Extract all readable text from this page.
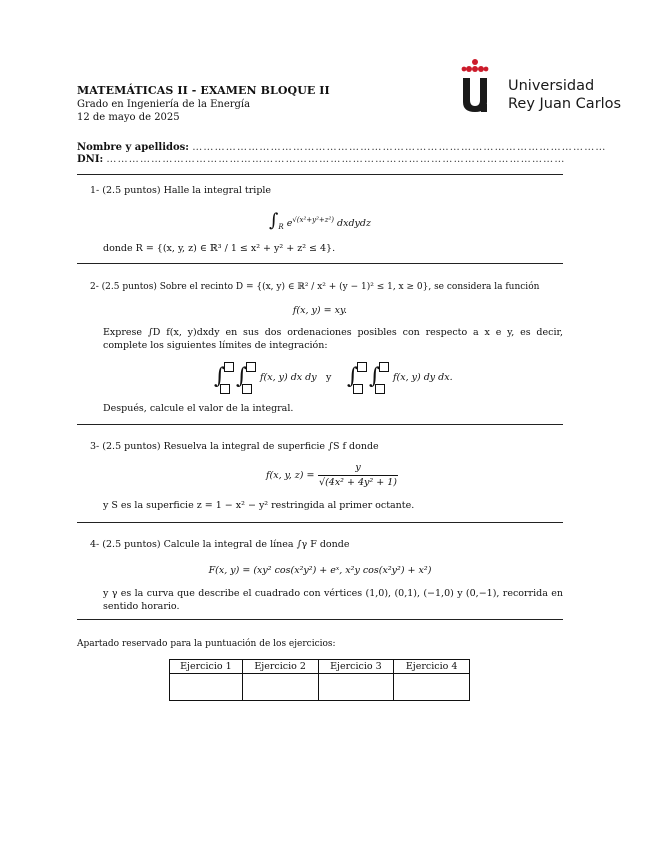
MATEMÁTICAS II - EXAMEN BLOQUE II
Grado en Ingeniería de la Energía
12 de mayo de 2025
Universidad
Rey Juan Carlos
Nombre y apellidos: …………………………………………………………………………………………………
DNI: ……………………………………………………………………………………………………………
1- (2.5 puntos) Halle la integral triple
$\int_R$ $e^{√(x^2+y^2+z^2)}$ dxdydz
donde R = {(x, y, z) ∈ ℝ³ / 1 ≤ x² + y² + z² ≤ 4}.
2- (2.5 puntos) Sobre el recinto D = {(x, y) ∈ ℝ² / x² + (y − 1)² ≤ 1, x ≥ 0}, se considera la función
f(x, y) = xy.
Exprese ∫D f(x, y)dxdy en sus dos ordenaciones posibles con respecto a x e y, es decir, complete los siguientes límites de integración:
∫ ∫ f(x, y) dx dy y ∫ ∫ f(x, y) dy dx.
Después, calcule el valor de la integral.
3- (2.5 puntos) Resuelva la integral de superficie ∫S f donde
f(x, y, z) =
y
√(4x² + 4y² + 1)
y S es la superficie z = 1 − x² − y² restringida al primer octante.
4- (2.5 puntos) Calcule la integral de línea ∫γ F donde
F(x, y) = (xy² cos(x²y²) + eˣ, x²y cos(x²y²) + x²)
y γ es la curva que describe el cuadrado con vértices (1,0), (0,1), (−1,0) y (0,−1), recorrida en sentido horario.
Apartado reservado para la puntuación de los ejercicios:
Ejercicio 1	Ejercicio 2	Ejercicio 3	Ejercicio 4
